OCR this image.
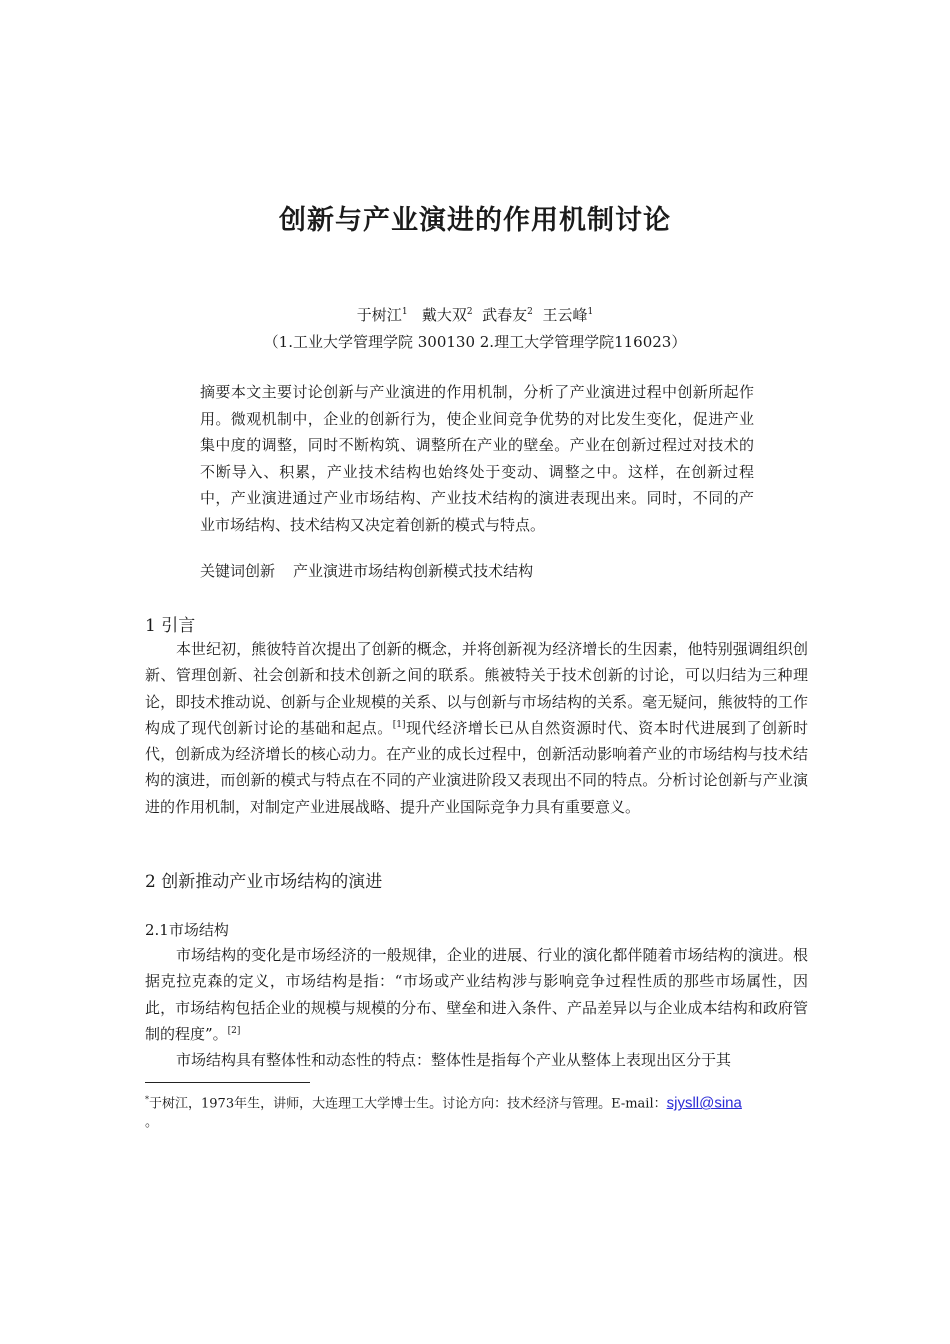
创新与产业演进的作用机制讨论
于树江$^1$ 戴大双$^2$ 武春友$^2$ 王云峰$^1$
（1.工业大学管理学院 300130 2.理工大学管理学院116023）

摘要本文主要讨论创新与产业演进的作用机制，分析了产业演进过程中创新所起作用。微观机制中，企业的创新行为，使企业间竞争优势的对比发生变化，促进产业集中度的调整，同时不断构筑、调整所在产业的壁垒。产业在创新过程过对技术的不断导入、积累，产业技术结构也始终处于变动、调整之中。这样，在创新过程中，产业演进通过产业市场结构、产业技术结构的演进表现出来。同时，不同的产业市场结构、技术结构又决定着创新的模式与特点。

关键词创新 产业演进市场结构创新模式技术结构
1 引言

本世纪初，熊彼特首次提出了创新的概念，并将创新视为经济增长的生因素，他特别强调组织创新、管理创新、社会创新和技术创新之间的联系。熊被特关于技术创新的讨论，可以归结为三种理论，即技术推动说、创新与企业规模的关系、以与创新与市场结构的关系。毫无疑问，熊彼特的工作构成了现代创新讨论的基础和起点。[1]现代经济增长已从自然资源时代、资本时代进展到了创新时代，创新成为经济增长的核心动力。在产业的成长过程中，创新活动影响着产业的市场结构与技术结构的演进，而创新的模式与特点在不同的产业演进阶段又表现出不同的特点。分析讨论创新与产业演进的作用机制，对制定产业进展战略、提升产业国际竞争力具有重要意义。

2 创新推动产业市场结构的演进
2.1市场结构

市场结构的变化是市场经济的一般规律，企业的进展、行业的演化都伴随着市场结构的演进。根据克拉克森的定义，市场结构是指：“市场或产业结构涉与影响竞争过程性质的那些市场属性，因此，市场结构包括企业的规模与规模的分布、壁垒和进入条件、产品差异以与企业成本结构和政府管制的程度”。[2]

市场结构具有整体性和动态性的特点：整体性是指每个产业从整体上表现出区分于其

*于树江，1973年生，讲师，大连理工大学博士生。讨论方向：技术经济与管理。E-mail：sjysll@sina
。
